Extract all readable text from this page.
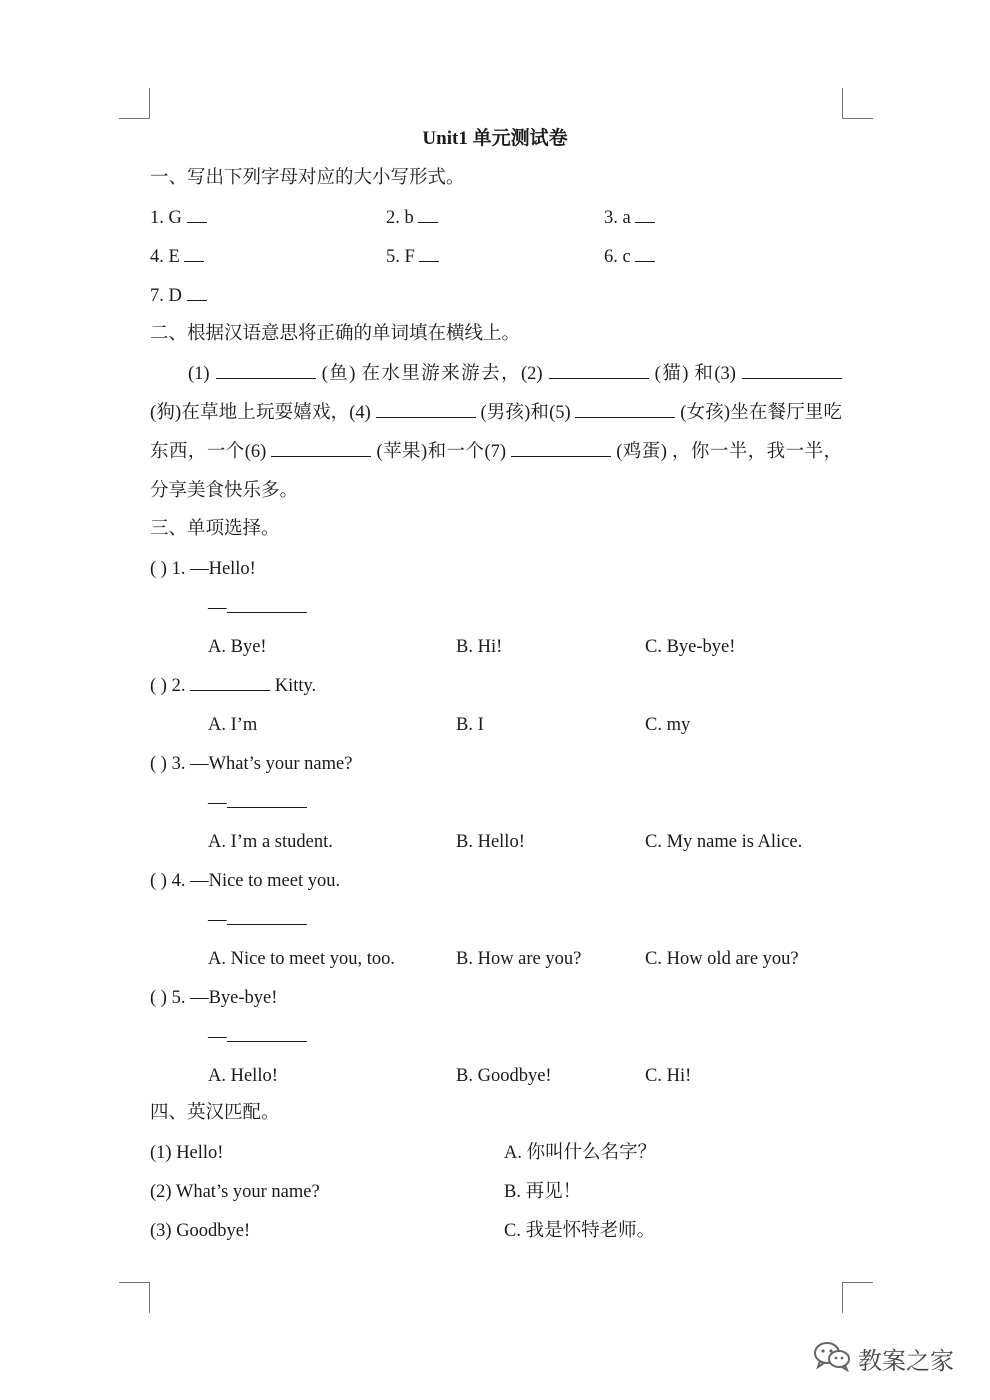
Unit1 单元测试卷
一、写出下列字母对应的大小写形式。
1. G	2. b	3. a
4. E	5. F	6. c
7. D
二、根据汉语意思将正确的单词填在横线上。
(1)	(鱼) 在水里游来游去，(2)	(猫) 和(3)  (狗)在草地上玩耍嬉戏，(4)	(男孩)和(5)	(女孩)坐在餐厅里吃东西，一个(6)	(苹果)和一个(7)	(鸡蛋) ，你一半，我一半，分享美食快乐多。
三、单项选择。
( ) 1. —Hello!
—
A. Bye!	B. Hi!	C. Bye-bye!
( ) 2.	Kitty.
A. I’m	B. I	C. my
( ) 3. —What’s your name?
—
A. I’m a student.	B. Hello!	C. My name is Alice.
( ) 4. —Nice to meet you.
—
A. Nice to meet you, too.	B. How are you?	C. How old are you?
( ) 5. —Bye-bye!
—
A. Hello!	B. Goodbye!	C. Hi!
四、英汉匹配。
(1) Hello!	A. 你叫什么名字？
(2) What’s your name?	B. 再见！
(3) Goodbye!	C. 我是怀特老师。
教案之家
